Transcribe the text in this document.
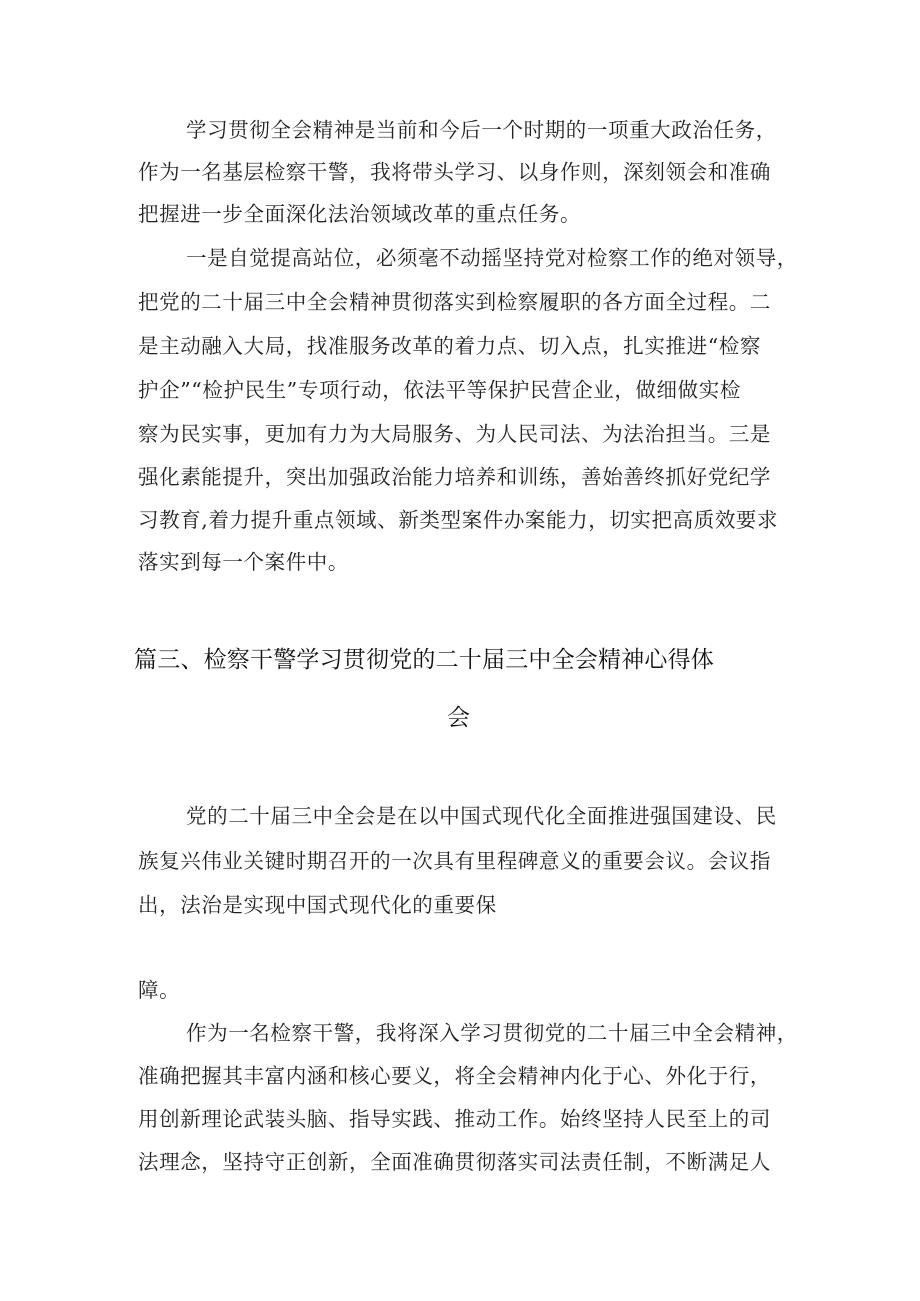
学习贯彻全会精神是当前和今后一个时期的一项重大政治任务，
作为一名基层检察干警，我将带头学习、以身作则，深刻领会和准确
把握进一步全面深化法治领域改革的重点任务。
一是自觉提高站位，必须毫不动摇坚持党对检察工作的绝对领导，
把党的二十届三中全会精神贯彻落实到检察履职的各方面全过程。二
是主动融入大局，找准服务改革的着力点、切入点，扎实推进“检察
护企”“检护民生”专项行动，依法平等保护民营企业，做细做实检
察为民实事，更加有力为大局服务、为人民司法、为法治担当。三是
强化素能提升，突出加强政治能力培养和训练，善始善终抓好党纪学
习教育,着力提升重点领域、新类型案件办案能力，切实把高质效要求
落实到每一个案件中。
篇三、检察干警学习贯彻党的二十届三中全会精神心得体
会
党的二十届三中全会是在以中国式现代化全面推进强国建设、民
族复兴伟业关键时期召开的一次具有里程碑意义的重要会议。会议指
出，法治是实现中国式现代化的重要保
障。
作为一名检察干警，我将深入学习贯彻党的二十届三中全会精神，
准确把握其丰富内涵和核心要义，将全会精神内化于心、外化于行，
用创新理论武装头脑、指导实践、推动工作。始终坚持人民至上的司
法理念，坚持守正创新，全面准确贯彻落实司法责任制，不断满足人
